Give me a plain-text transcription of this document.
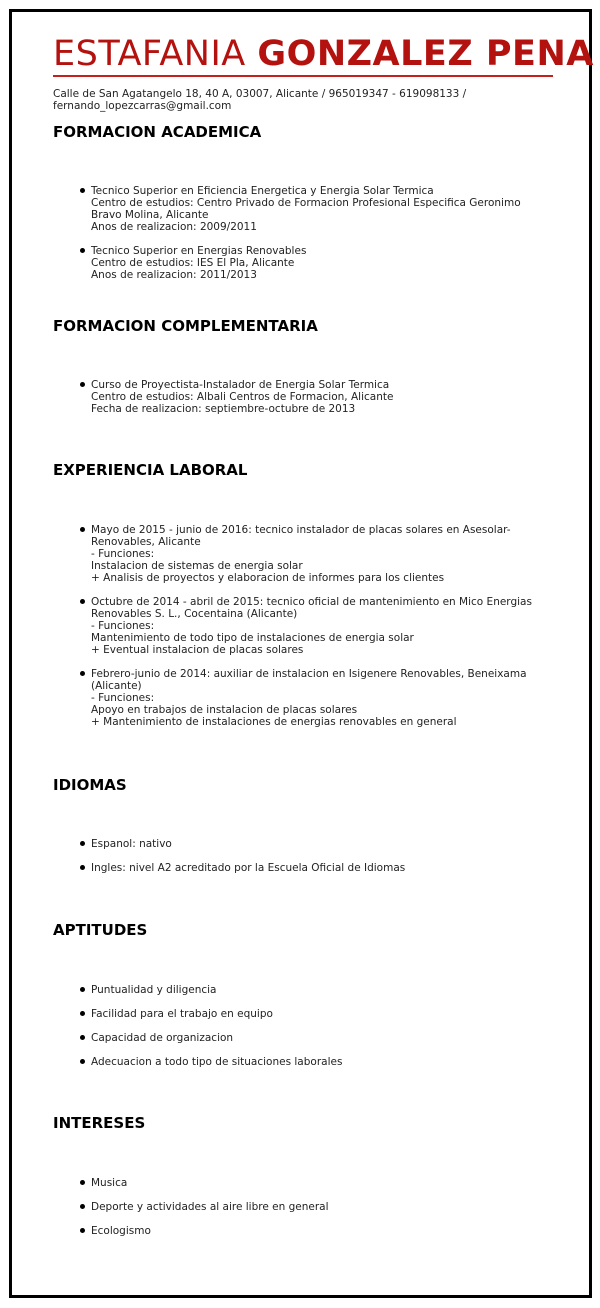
ESTAFANIA GONZALEZ PENA
Calle de San Agatangelo 18, 40 A, 03007, Alicante / 965019347 - 619098133 /
fernando_lopezcarras@gmail.com
FORMACION ACADEMICA
Tecnico Superior en Eficiencia Energetica y Energia Solar Termica
Centro de estudios: Centro Privado de Formacion Profesional Especifica Geronimo
Bravo Molina, Alicante
Anos de realizacion: 2009/2011
Tecnico Superior en Energias Renovables
Centro de estudios: IES El Pla, Alicante
Anos de realizacion: 2011/2013
FORMACION COMPLEMENTARIA
Curso de Proyectista-Instalador de Energia Solar Termica
Centro de estudios: Albali Centros de Formacion, Alicante
Fecha de realizacion: septiembre-octubre de 2013
EXPERIENCIA LABORAL
Mayo de 2015 - junio de 2016: tecnico instalador de placas solares en Asesolar-
Renovables, Alicante
- Funciones:
Instalacion de sistemas de energia solar
+ Analisis de proyectos y elaboracion de informes para los clientes
Octubre de 2014 - abril de 2015: tecnico oficial de mantenimiento en Mico Energias
Renovables S. L., Cocentaina (Alicante)
- Funciones:
Mantenimiento de todo tipo de instalaciones de energia solar
+ Eventual instalacion de placas solares
Febrero-junio de 2014: auxiliar de instalacion en Isigenere Renovables, Beneixama
(Alicante)
- Funciones:
Apoyo en trabajos de instalacion de placas solares
+ Mantenimiento de instalaciones de energias renovables en general
IDIOMAS
Espanol: nativo
Ingles: nivel A2 acreditado por la Escuela Oficial de Idiomas
APTITUDES
Puntualidad y diligencia
Facilidad para el trabajo en equipo
Capacidad de organizacion
Adecuacion a todo tipo de situaciones laborales
INTERESES
Musica
Deporte y actividades al aire libre en general
Ecologismo
